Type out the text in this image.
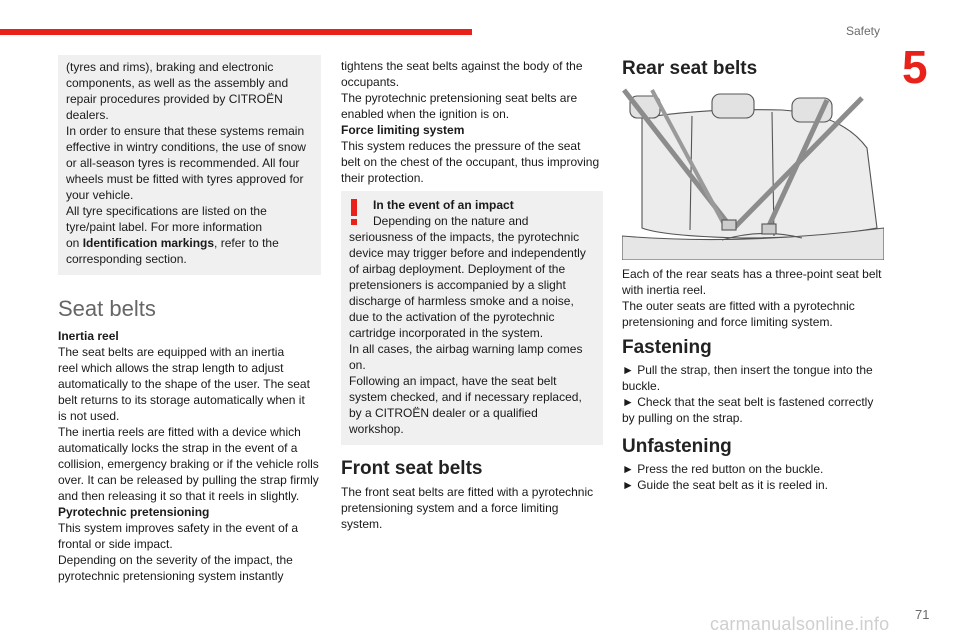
Safety
5

(tyres and rims), braking and electronic

components, as well as the assembly and

repair procedures provided by CITROËN

dealers.

In order to ensure that these systems remain

effective in wintry conditions, the use of snow

or all-season tyres is recommended. All four

wheels must be fitted with tyres approved for

your vehicle.

All tyre specifications are listed on the

tyre/paint label. For more information

on Identification markings, refer to the

corresponding section.

Seat belts

Inertia reel

The seat belts are equipped with an inertia

reel which allows the strap length to adjust

automatically to the shape of the user. The seat

belt returns to its storage automatically when it

is not used.

The inertia reels are fitted with a device which

automatically locks the strap in the event of a

collision, emergency braking or if the vehicle rolls

over. It can be released by pulling the strap firmly

and then releasing it so that it reels in slightly.

Pyrotechnic pretensioning

This system improves safety in the event of a

frontal or side impact.

Depending on the severity of the impact, the

pyrotechnic pretensioning system instantly

tightens the seat belts against the body of the

occupants.

The pyrotechnic pretensioning seat belts are

enabled when the ignition is on.

Force limiting system

This system reduces the pressure of the seat

belt on the chest of the occupant, thus improving

their protection.

In the event of an impact

Depending on the nature and

seriousness of the impacts, the pyrotechnic

device may trigger before and independently

of airbag deployment. Deployment of the

pretensioners is accompanied by a slight

discharge of harmless smoke and a noise,

due to the activation of the pyrotechnic

cartridge incorporated in the system.

In all cases, the airbag warning lamp comes

on.

Following an impact, have the seat belt

system checked, and if necessary replaced,

by a CITROËN dealer or a qualified

workshop.

Front seat belts

The front seat belts are fitted with a pyrotechnic

pretensioning system and a force limiting

system.

Rear seat belts

Each of the rear seats has a three-point seat belt

with inertia reel.

The outer seats are fitted with a pyrotechnic

pretensioning and force limiting system.

Fastening

► Pull the strap, then insert the tongue into the

buckle.

► Check that the seat belt is fastened correctly

by pulling on the strap.

Unfastening

► Press the red button on the buckle.

► Guide the seat belt as it is reeled in.

carmanualsonline.info 71
